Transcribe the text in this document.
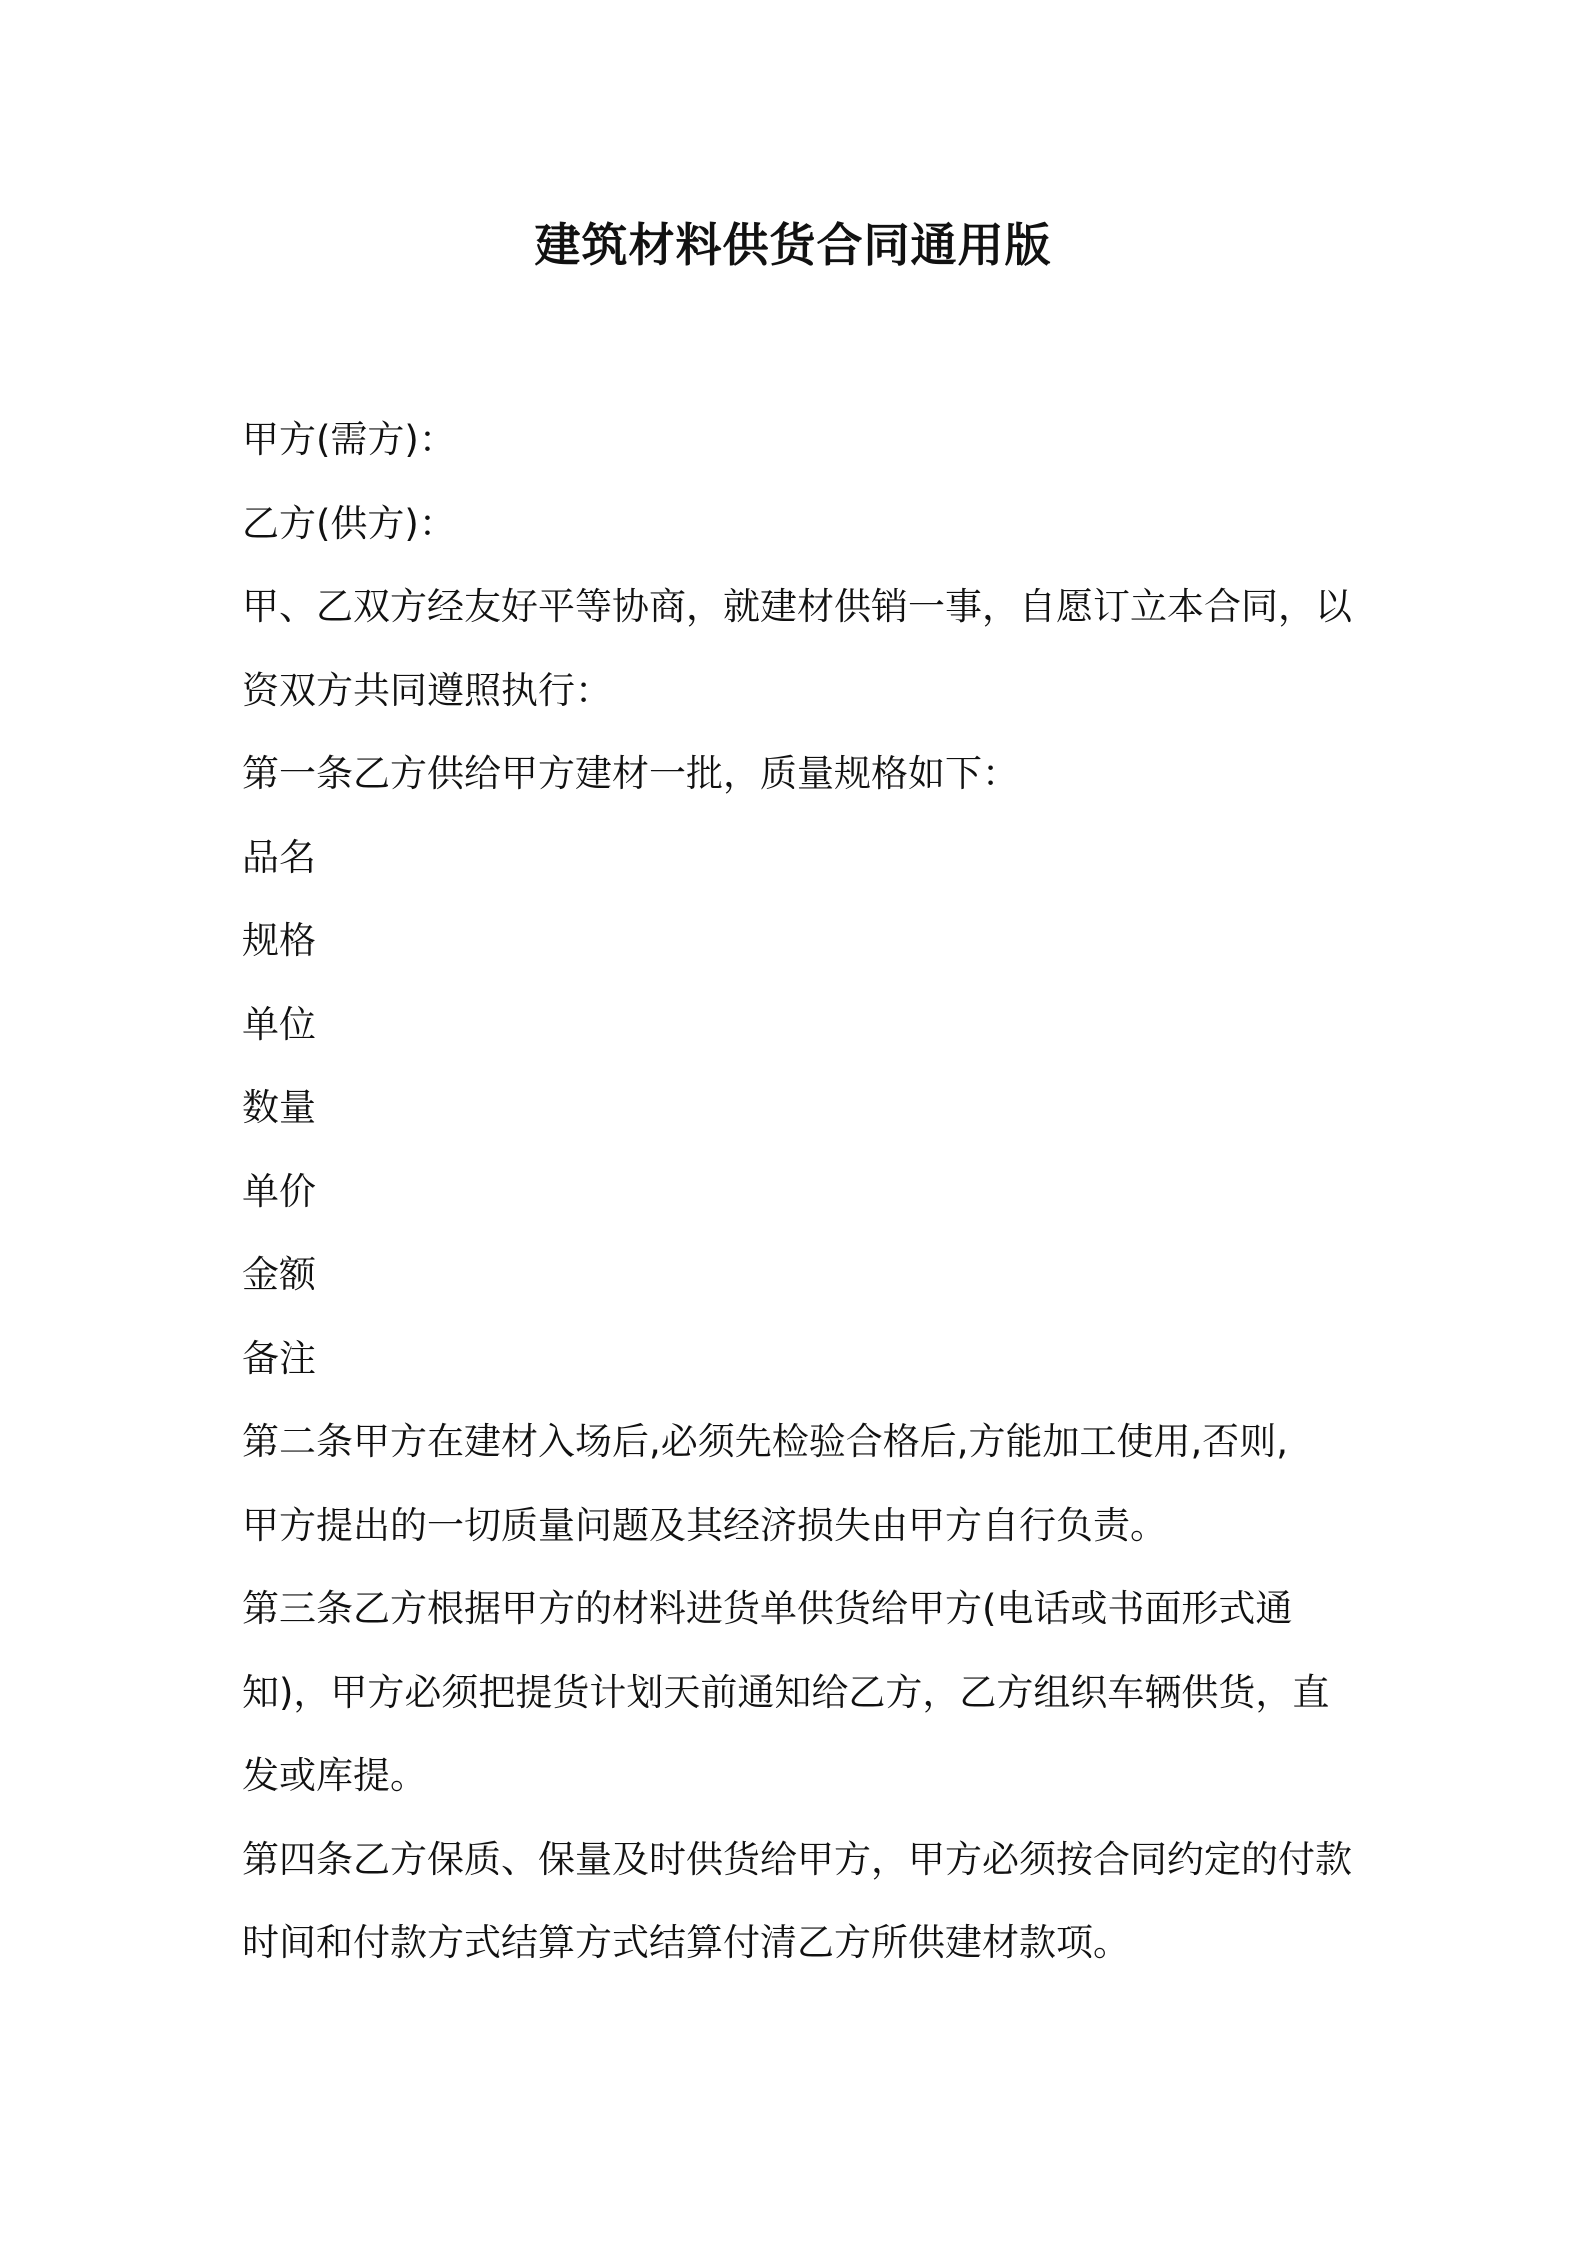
建筑材料供货合同通用版
甲方(需方)：
乙方(供方)：
甲、乙双方经友好平等协商，就建材供销一事，自愿订立本合同，以
资双方共同遵照执行：
第一条乙方供给甲方建材一批，质量规格如下：
品名
规格
单位
数量
单价
金额
备注
第二条甲方在建材入场后,必须先检验合格后,方能加工使用,否则,
甲方提出的一切质量问题及其经济损失由甲方自行负责。
第三条乙方根据甲方的材料进货单供货给甲方(电话或书面形式通
知)，甲方必须把提货计划天前通知给乙方，乙方组织车辆供货，直
发或库提。
第四条乙方保质、保量及时供货给甲方，甲方必须按合同约定的付款
时间和付款方式结算方式结算付清乙方所供建材款项。
